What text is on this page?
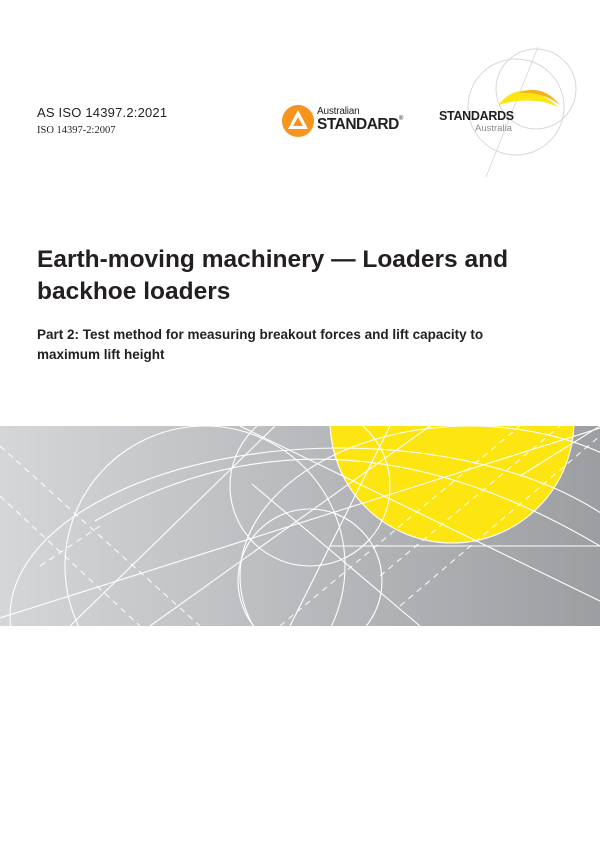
AS ISO 14397.2:2021
ISO 14397-2:2007
Australian
STANDARD®	STANDARDS
Australia
Earth-moving machinery — Loaders and
backhoe loaders
Part 2: Test method for measuring breakout forces and lift capacity to
maximum lift height
